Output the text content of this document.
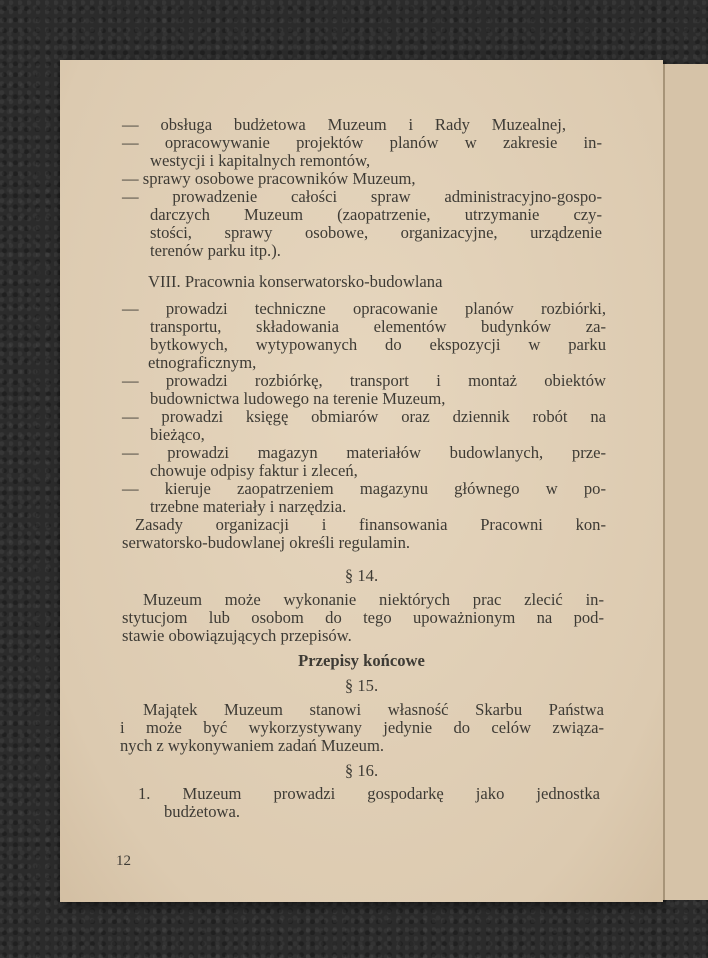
— obsługa budżetowa Muzeum i Rady Muzealnej,
— opracowywanie projektów planów w zakresie in-
westycji i kapitalnych remontów,
— sprawy osobowe pracowników Muzeum,
— prowadzenie całości spraw administracyjno-gospo-
darczych Muzeum (zaopatrzenie, utrzymanie czy-
stości, sprawy osobowe, organizacyjne, urządzenie
terenów parku itp.).
VIII. Pracownia konserwatorsko-budowlana
— prowadzi techniczne opracowanie planów rozbiórki,
transportu, składowania elementów budynków za-
bytkowych, wytypowanych do ekspozycji w parku
etnograficznym,
— prowadzi rozbiórkę, transport i montaż obiektów
budownictwa ludowego na terenie Muzeum,
— prowadzi księgę obmiarów oraz dziennik robót na
bieżąco,
— prowadzi magazyn materiałów budowlanych, prze-
chowuje odpisy faktur i zleceń,
— kieruje zaopatrzeniem magazynu głównego w po-
trzebne materiały i narzędzia.
Zasady organizacji i finansowania Pracowni kon-
serwatorsko-budowlanej określi regulamin.
§ 14.
Muzeum może wykonanie niektórych prac zlecić in-
stytucjom lub osobom do tego upoważnionym na pod-
stawie obowiązujących przepisów.
Przepisy końcowe
§ 15.
Majątek Muzeum stanowi własność Skarbu Państwa
i może być wykorzystywany jedynie do celów związa-
nych z wykonywaniem zadań Muzeum.
§ 16.
1. Muzeum prowadzi gospodarkę jako jednostka
budżetowa.
12
